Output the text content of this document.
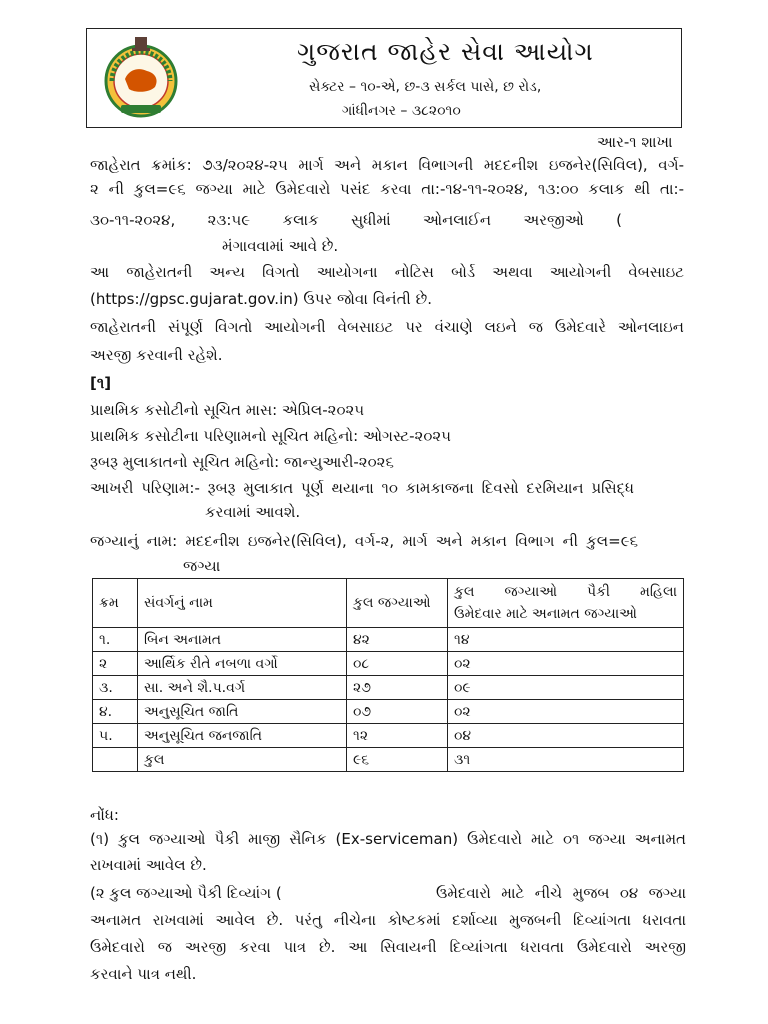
ગુજરાત જાહેર સેવા આયોગ
સેક્ટર – ૧૦-એ, છ-૩ સર્કલ પાસે, છ રોડ,
ગાંધીનગર – ૩૮૨૦૧૦
આર-૧ શાખા
જાહેરાત ક્રમાંક: ૭૩/૨૦૨૪-૨૫ માર્ગ અને મકાન વિભાગની મદદનીશ ઇજનેર(સિવિલ), વર્ગ-
૨ ની કુલ=૯૬ જગ્યા માટે ઉમેદવારો પસંદ કરવા તા:-૧૪-૧૧-૨૦૨૪, ૧૩:૦૦ કલાક થી તા:-
૩૦-૧૧-૨૦૨૪, ૨૩:૫૯ કલાક સુધીમાં ઓનલાઈન અરજીઓ (
મંગાવવામાં આવે છે.
આ જાહેરાતની અન્ય વિગતો આયોગના નોટિસ બોર્ડ અથવા આયોગની વેબસાઇટ
(https://gpsc.gujarat.gov.in) ઉપર જોવા વિનંતી છે.
જાહેરાતની સંપૂર્ણ વિગતો આયોગની વેબસાઇટ પર વંચાણે લઇને જ ઉમેદવારે ઓનલાઇન
અરજી કરવાની રહેશે.
[૧]
પ્રાથમિક કસોટીનો સૂચિત માસ: એપ્રિલ-૨૦૨૫
પ્રાથમિક કસોટીના પરિણામનો સૂચિત મહિનો: ઓગસ્ટ-૨૦૨૫
રૂબરૂ મુલાકાતનો સૂચિત મહિનો: જાન્યુઆરી-૨૦૨૬
આખરી પરિણામ:- રૂબરૂ મુલાકાત પૂર્ણ થયાના ૧૦ કામકાજના દિવસો દરમિયાન પ્રસિદ્ધ
કરવામાં આવશે.
જગ્યાનું નામ: મદદનીશ ઇજનેર(સિવિલ), વર્ગ-૨, માર્ગ અને મકાન વિભાગ ની કુલ=૯૬
જગ્યા
ક્રમ	સંવર્ગનું નામ	કુલ જગ્યાઓ	કુલ જગ્યાઓ પૈકી મહિલા
ઉમેદવાર માટે અનામત જગ્યાઓ
૧.	બિન અનામત	૪૨	૧૪
૨	આર્થિક રીતે નબળા વર્ગો	૦૮	૦૨
૩.	સા. અને શૈ.પ.વર્ગ	૨૭	૦૯
૪.	અનુસૂચિત જાતિ	૦૭	૦૨
૫.	અનુસૂચિત જનજાતિ	૧૨	૦૪
	કુલ	૯૬	૩૧
નોંધ:
(૧) કુલ જગ્યાઓ પૈકી માજી સૈનિક (Ex-serviceman) ઉમેદવારો માટે ૦૧ જગ્યા અનામત
રાખવામાં આવેલ છે.
(૨ કુલ જગ્યાઓ પૈકી દિવ્યાંગ (	ઉમેદવારો માટે નીચે મુજબ ૦૪ જગ્યા
અનામત રાખવામાં આવેલ છે. પરંતુ નીચેના કોષ્ટકમાં દર્શાવ્યા મુજબની દિવ્યાંગતા ધરાવતા
ઉમેદવારો જ અરજી કરવા પાત્ર છે. આ સિવાયની દિવ્યાંગતા ધરાવતા ઉમેદવારો અરજી
કરવાને પાત્ર નથી.
